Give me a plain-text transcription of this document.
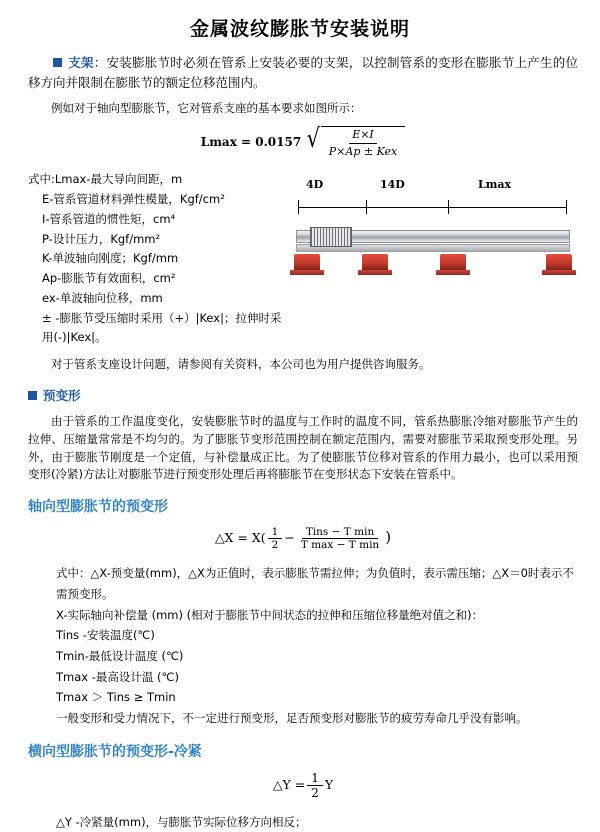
金属波纹膨胀节安装说明

支架：安装膨胀节时必须在管系上安装必要的支架，以控制管系的变形在膨胀节上产生的位移方向并限制在膨胀节的额定位移范围内。

例如对于轴向型膨胀节，它对管系支座的基本要求如图所示：

Lmax = 0.0157 √ $\frac{E\times I}{\text{P×Ap ± Kex}}$
式中:Lmax-最大导向间距，m
E-管系管道材料弹性模量，Kgf/cm²
I-管系管道的惯性矩，cm⁴
P-设计压力，Kgf/mm²
K-单波轴向刚度；Kgf/mm
Ap-膨胀节有效面积，cm²
ex-单波轴向位移，mm
± -膨胀节受压缩时采用（+）|Kex|；拉伸时采用(-)|Kex|。
4D	14D	Lmax

对于管系支座设计问题，请参阅有关资料，本公司也为用户提供咨询服务。

预变形

由于管系的工作温度变化，安装膨胀节时的温度与工作时的温度不同，管系热膨胀冷缩对膨胀节产生的拉伸、压缩量常常是不均匀的。为了膨胀节变形范围控制在额定范围内，需要对膨胀节采取预变形处理。另外，由于膨胀节刚度是一个定值，与补偿量成正比。为了使膨胀节位移对管系的作用力最小，也可以采用预变形(冷紧)方法让对膨胀节进行预变形处理后再将膨胀节在变形状态下安装在管系中。

轴向型膨胀节的预变形
△X = $X( \frac{1}{2} - \frac{\text{Tins − T min}}{\text{T max − T min}}$ )
式中：△X-预变量(mm)，△X为正值时，表示膨胀节需拉伸；为负值时，表示需压缩；△X＝0时表示不需预变形。
X-实际轴向补偿量 (mm) (相对于膨胀节中间状态的拉伸和压缩位移量绝对值之和)：
Tins -安装温度(℃)
Tmin-最低设计温度 (℃)
Tmax -最高设计温 (℃)
Tmax ＞ Tins ≥ Tmin
一般变形和受力情况下，不一定进行预变形，足否预变形对膨胀节的疲劳寿命几乎没有影响。
横向型膨胀节的预变形-冷紧
△Y = $\frac{1}{2}$ Y
△Y -冷紧量(mm)，与膨胀节实际位移方向相反；
